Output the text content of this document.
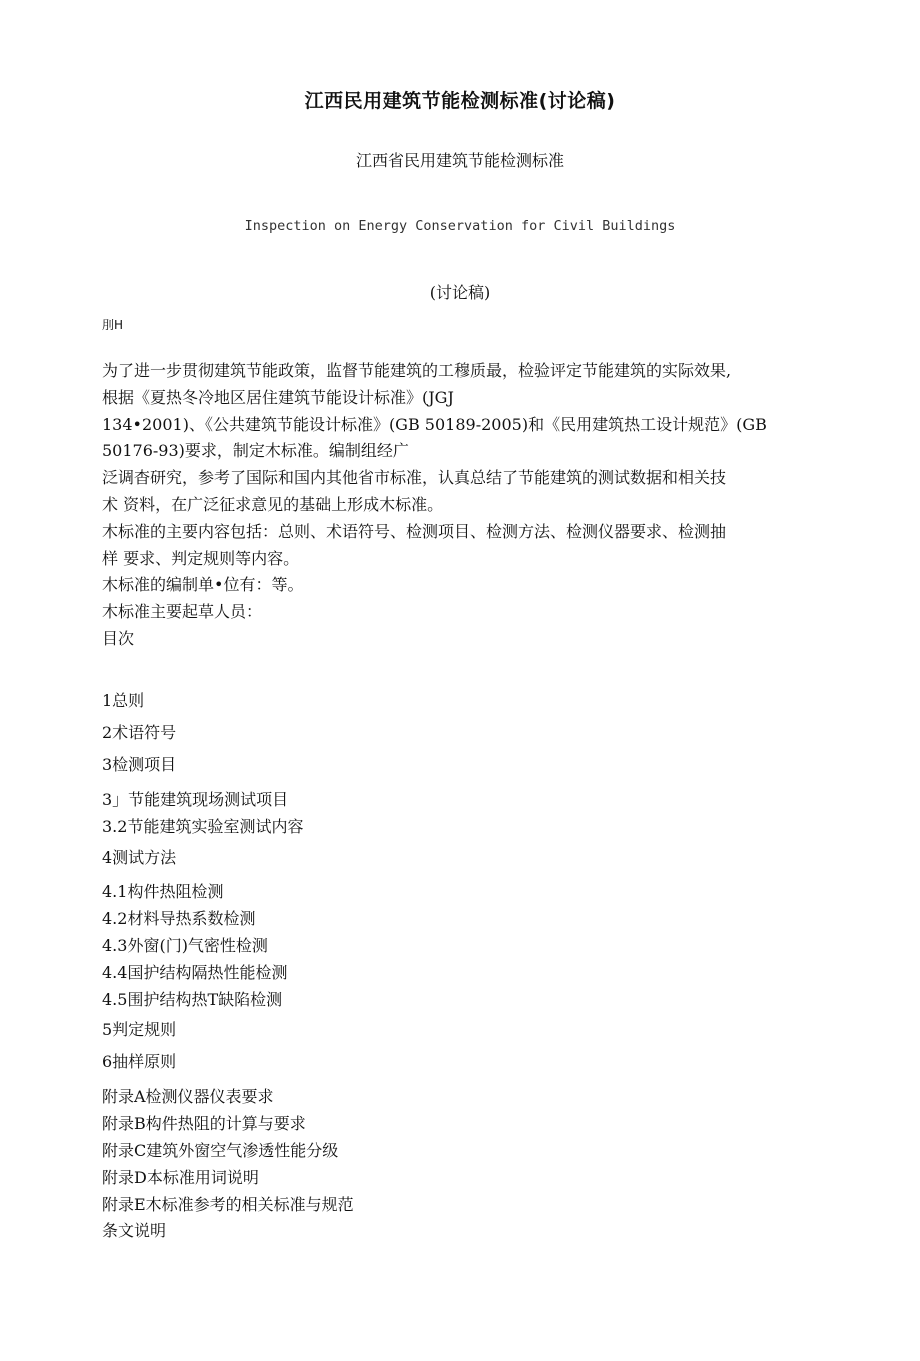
江西民用建筑节能检测标准(讨论稿)
江西省民用建筑节能检测标准
Inspection on Energy Conservation for Civil Buildings
(讨论稿)
刖H

为了进一步贯彻建筑节能政策，监督节能建筑的工穆质最，检验评定节能建筑的实际效果,

根据《夏热冬冷地区居住建筑节能设计标准》(JGJ

134•2001)、《公共建筑节能设计标准》(GB 50189-2005)和《民用建筑热工设计规范》(GB

50176-93)要求，制定木标准。编制组经广

泛调杳研究，参考了国际和国内其他省市标准，认真总结了节能建筑的测试数据和相关技

术 资料，在广泛征求意见的基础上形成木标准。

木标准的主要内容包括：总则、术语符号、检测项目、检测方法、检测仪器要求、检测抽

样 要求、判定规则等内容。

木标准的编制单•位有：等。

木标准主要起草人员：

目次

1总则
2术语符号
3检测项目
3」节能建筑现场测试项目
3.2节能建筑实验室测试内容
4测试方法
4.1构件热阻检测
4.2材料导热系数检测
4.3外窗(门)气密性检测
4.4国护结构隔热性能检测
4.5围护结构热T缺陷检测
5判定规则
6抽样原则
附录A检测仪器仪表要求
附录B构件热阻的计算与要求
附录C建筑外窗空气渗透性能分级
附录D本标准用词说明
附录E木标准参考的相关标准与规范
条文说明
